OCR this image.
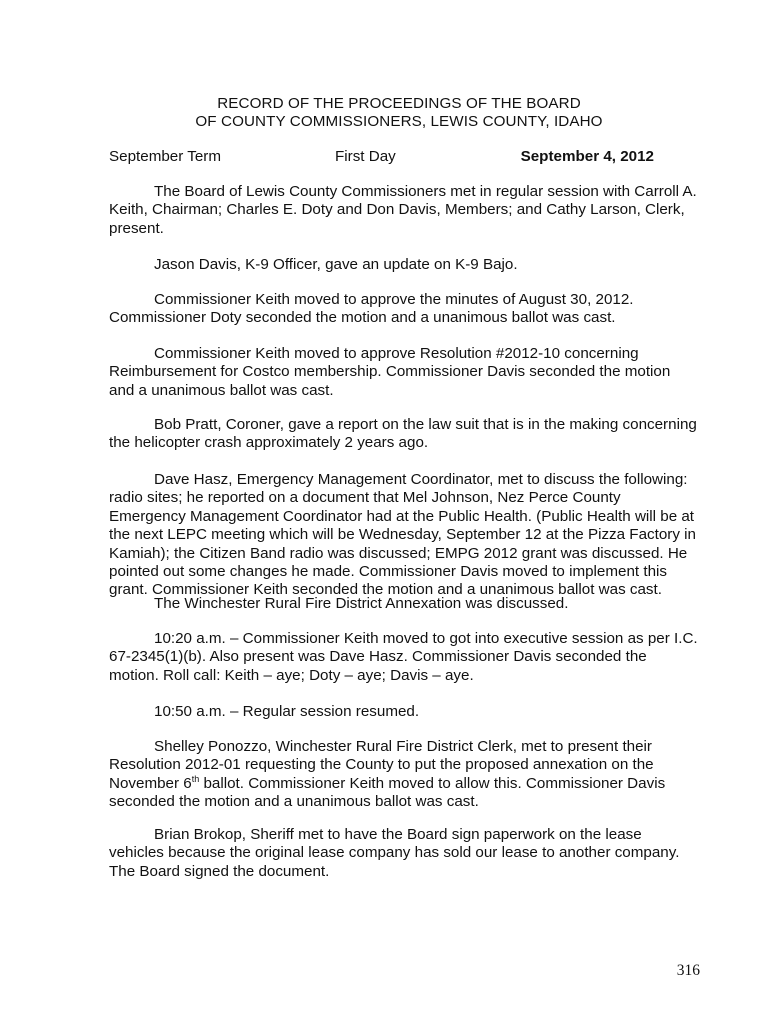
RECORD OF THE PROCEEDINGS OF THE BOARD
OF COUNTY COMMISSIONERS, LEWIS COUNTY, IDAHO
September Term	First Day	September 4, 2012
The Board of Lewis County Commissioners met in regular session with Carroll A.
Keith, Chairman; Charles E. Doty and Don Davis, Members; and Cathy Larson, Clerk,
present.
Jason Davis, K-9 Officer, gave an update on K-9 Bajo.
Commissioner Keith moved to approve the minutes of August 30, 2012.
Commissioner Doty seconded the motion and a unanimous ballot was cast.
Commissioner Keith moved to approve Resolution #2012-10 concerning
Reimbursement for Costco membership. Commissioner Davis seconded the motion
and a unanimous ballot was cast.
Bob Pratt, Coroner, gave a report on the law suit that is in the making concerning
the helicopter crash approximately 2 years ago.
Dave Hasz, Emergency Management Coordinator, met to discuss the following:
radio sites; he reported on a document that Mel Johnson, Nez Perce County
Emergency Management Coordinator had at the Public Health. (Public Health will be at
the next LEPC meeting which will be Wednesday, September 12 at the Pizza Factory in
Kamiah); the Citizen Band radio was discussed; EMPG 2012 grant was discussed. He
pointed out some changes he made. Commissioner Davis moved to implement this
grant. Commissioner Keith seconded the motion and a unanimous ballot was cast.
The Winchester Rural Fire District Annexation was discussed.
10:20 a.m. – Commissioner Keith moved to got into executive session as per I.C.
67-2345(1)(b). Also present was Dave Hasz. Commissioner Davis seconded the
motion. Roll call: Keith – aye; Doty – aye; Davis – aye.
10:50 a.m. – Regular session resumed.
Shelley Ponozzo, Winchester Rural Fire District Clerk, met to present their
Resolution 2012-01 requesting the County to put the proposed annexation on the
November 6th ballot. Commissioner Keith moved to allow this. Commissioner Davis
seconded the motion and a unanimous ballot was cast.
Brian Brokop, Sheriff met to have the Board sign paperwork on the lease
vehicles because the original lease company has sold our lease to another company.
The Board signed the document.
316
